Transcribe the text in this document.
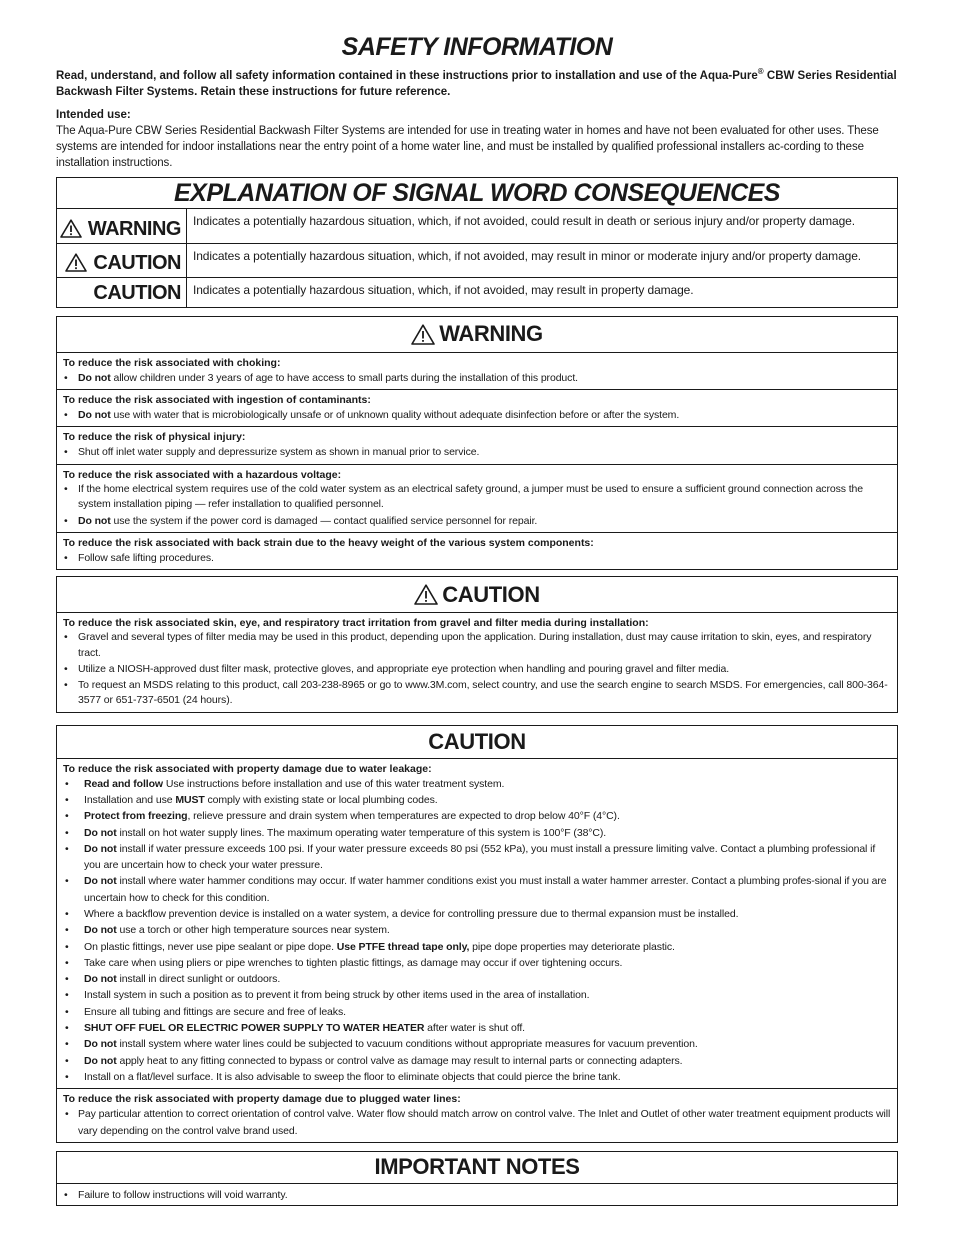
SAFETY INFORMATION
Read, understand, and follow all safety information contained in these instructions prior to installation and use of the Aqua-Pure® CBW Series Residential Backwash Filter Systems. Retain these instructions for future reference.
Intended use:
The Aqua-Pure CBW Series Residential Backwash Filter Systems are intended for use in treating water in homes and have not been evaluated for other uses. These systems are intended for indoor installations near the entry point of a home water line, and must be installed by qualified professional installers ac-cording to these installation instructions.
EXPLANATION OF SIGNAL WORD CONSEQUENCES
WARNING	Indicates a potentially hazardous situation, which, if not avoided, could result in death or serious injury and/or property damage.
CAUTION	Indicates a potentially hazardous situation, which, if not avoided, may result in minor or moderate injury and/or property damage.
CAUTION	Indicates a potentially hazardous situation, which, if not avoided, may result in property damage.
WARNING
To reduce the risk associated with choking:
• Do not allow children under 3 years of age to have access to small parts during the installation of this product.
To reduce the risk associated with ingestion of contaminants:
• Do not use with water that is microbiologically unsafe or of unknown quality without adequate disinfection before or after the system.
To reduce the risk of physical injury:
• Shut off inlet water supply and depressurize system as shown in manual prior to service.
To reduce the risk associated with a hazardous voltage:
• If the home electrical system requires use of the cold water system as an electrical safety ground, a jumper must be used to ensure a sufficient ground connection across the system installation piping — refer installation to qualified personnel.
• Do not use the system if the power cord is damaged — contact qualified service personnel for repair.
To reduce the risk associated with back strain due to the heavy weight of the various system components:
• Follow safe lifting procedures.
CAUTION
To reduce the risk associated skin, eye, and respiratory tract irritation from gravel and filter media during installation:
• Gravel and several types of filter media may be used in this product, depending upon the application. During installation, dust may cause irritation to skin, eyes, and respiratory tract.
• Utilize a NIOSH-approved dust filter mask, protective gloves, and appropriate eye protection when handling and pouring gravel and filter media.
• To request an MSDS relating to this product, call 203-238-8965 or go to www.3M.com, select country, and use the search engine to search MSDS. For emergencies, call 800-364-3577 or 651-737-6501 (24 hours).
CAUTION
To reduce the risk associated with property damage due to water leakage:
• Read and follow Use instructions before installation and use of this water treatment system.
• Installation and use MUST comply with existing state or local plumbing codes.
• Protect from freezing, relieve pressure and drain system when temperatures are expected to drop below 40°F (4°C).
• Do not install on hot water supply lines. The maximum operating water temperature of this system is 100°F (38°C).
• Do not install if water pressure exceeds 100 psi. If your water pressure exceeds 80 psi (552 kPa), you must install a pressure limiting valve. Contact a plumbing professional if you are uncertain how to check your water pressure.
• Do not install where water hammer conditions may occur. If water hammer conditions exist you must install a water hammer arrester. Contact a plumbing profes-sional if you are uncertain how to check for this condition.
• Where a backflow prevention device is installed on a water system, a device for controlling pressure due to thermal expansion must be installed.
• Do not use a torch or other high temperature sources near system.
• On plastic fittings, never use pipe sealant or pipe dope. Use PTFE thread tape only, pipe dope properties may deteriorate plastic.
• Take care when using pliers or pipe wrenches to tighten plastic fittings, as damage may occur if over tightening occurs.
• Do not install in direct sunlight or outdoors.
• Install system in such a position as to prevent it from being struck by other items used in the area of installation.
• Ensure all tubing and fittings are secure and free of leaks.
• SHUT OFF FUEL OR ELECTRIC POWER SUPPLY TO WATER HEATER after water is shut off.
• Do not install system where water lines could be subjected to vacuum conditions without appropriate measures for vacuum prevention.
• Do not apply heat to any fitting connected to bypass or control valve as damage may result to internal parts or connecting adapters.
• Install on a flat/level surface. It is also advisable to sweep the floor to eliminate objects that could pierce the brine tank.
To reduce the risk associated with property damage due to plugged water lines:
• Pay particular attention to correct orientation of control valve. Water flow should match arrow on control valve. The Inlet and Outlet of other water treatment equipment products will vary depending on the control valve brand used.
IMPORTANT NOTES
• Failure to follow instructions will void warranty.
